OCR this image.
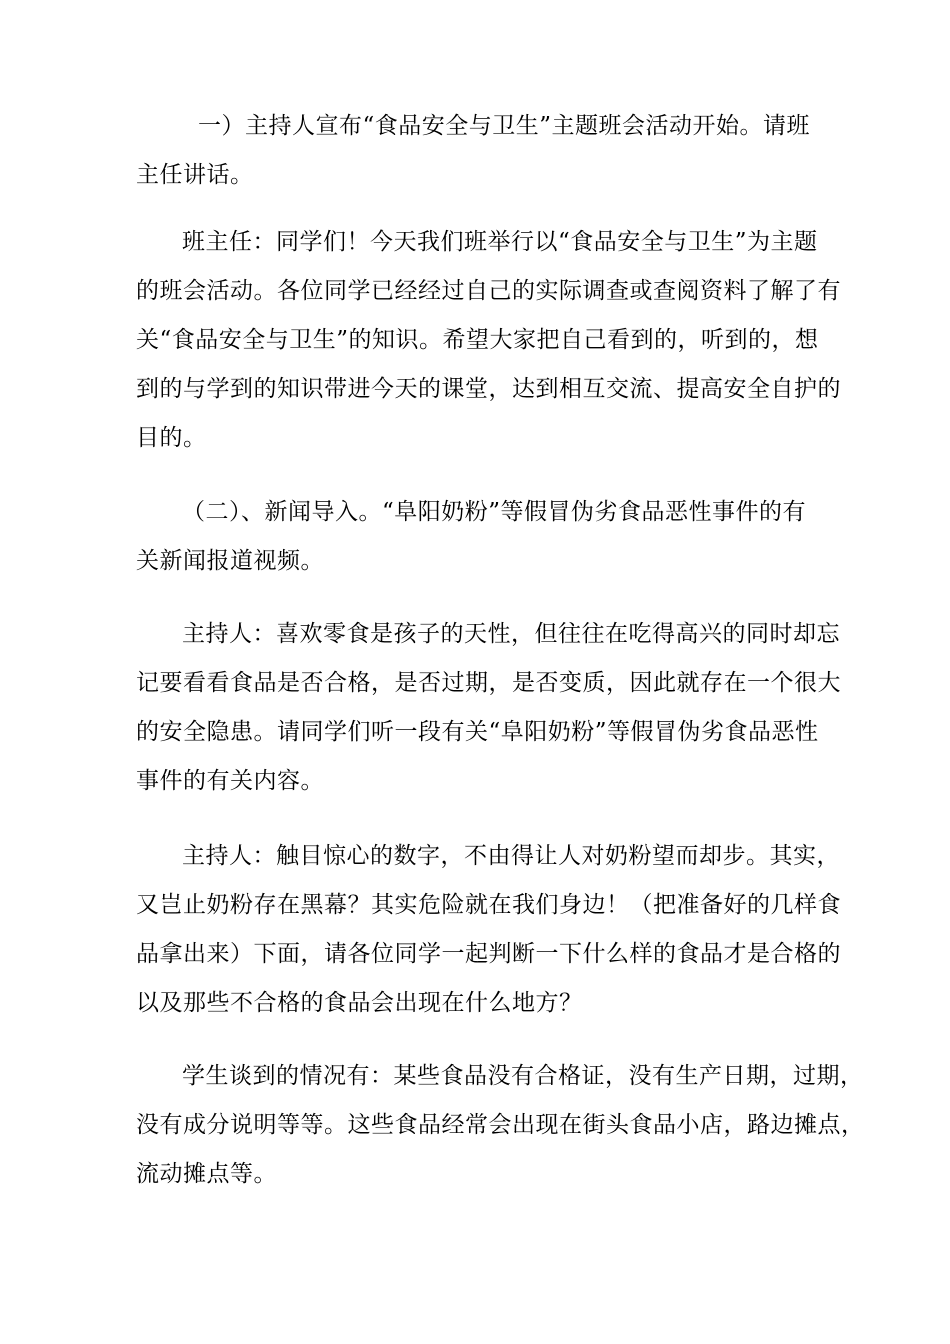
一）主持人宣布“食品安全与卫生”主题班会活动开始。请班
主任讲话。

班主任：同学们！今天我们班举行以“食品安全与卫生”为主题
的班会活动。各位同学已经经过自己的实际调查或查阅资料了解了有
关“食品安全与卫生”的知识。希望大家把自己看到的，听到的，想
到的与学到的知识带进今天的课堂，达到相互交流、提高安全自护的
目的。

（二）、新闻导入。“阜阳奶粉”等假冒伪劣食品恶性事件的有
关新闻报道视频。

主持人：喜欢零食是孩子的天性，但往往在吃得高兴的同时却忘
记要看看食品是否合格，是否过期，是否变质，因此就存在一个很大
的安全隐患。请同学们听一段有关“阜阳奶粉”等假冒伪劣食品恶性
事件的有关内容。

主持人：触目惊心的数字，不由得让人对奶粉望而却步。其实，
又岂止奶粉存在黑幕？其实危险就在我们身边！（把准备好的几样食
品拿出来）下面，请各位同学一起判断一下什么样的食品才是合格的
以及那些不合格的食品会出现在什么地方？

学生谈到的情况有：某些食品没有合格证，没有生产日期，过期，
没有成分说明等等。这些食品经常会出现在街头食品小店，路边摊点，
流动摊点等。
